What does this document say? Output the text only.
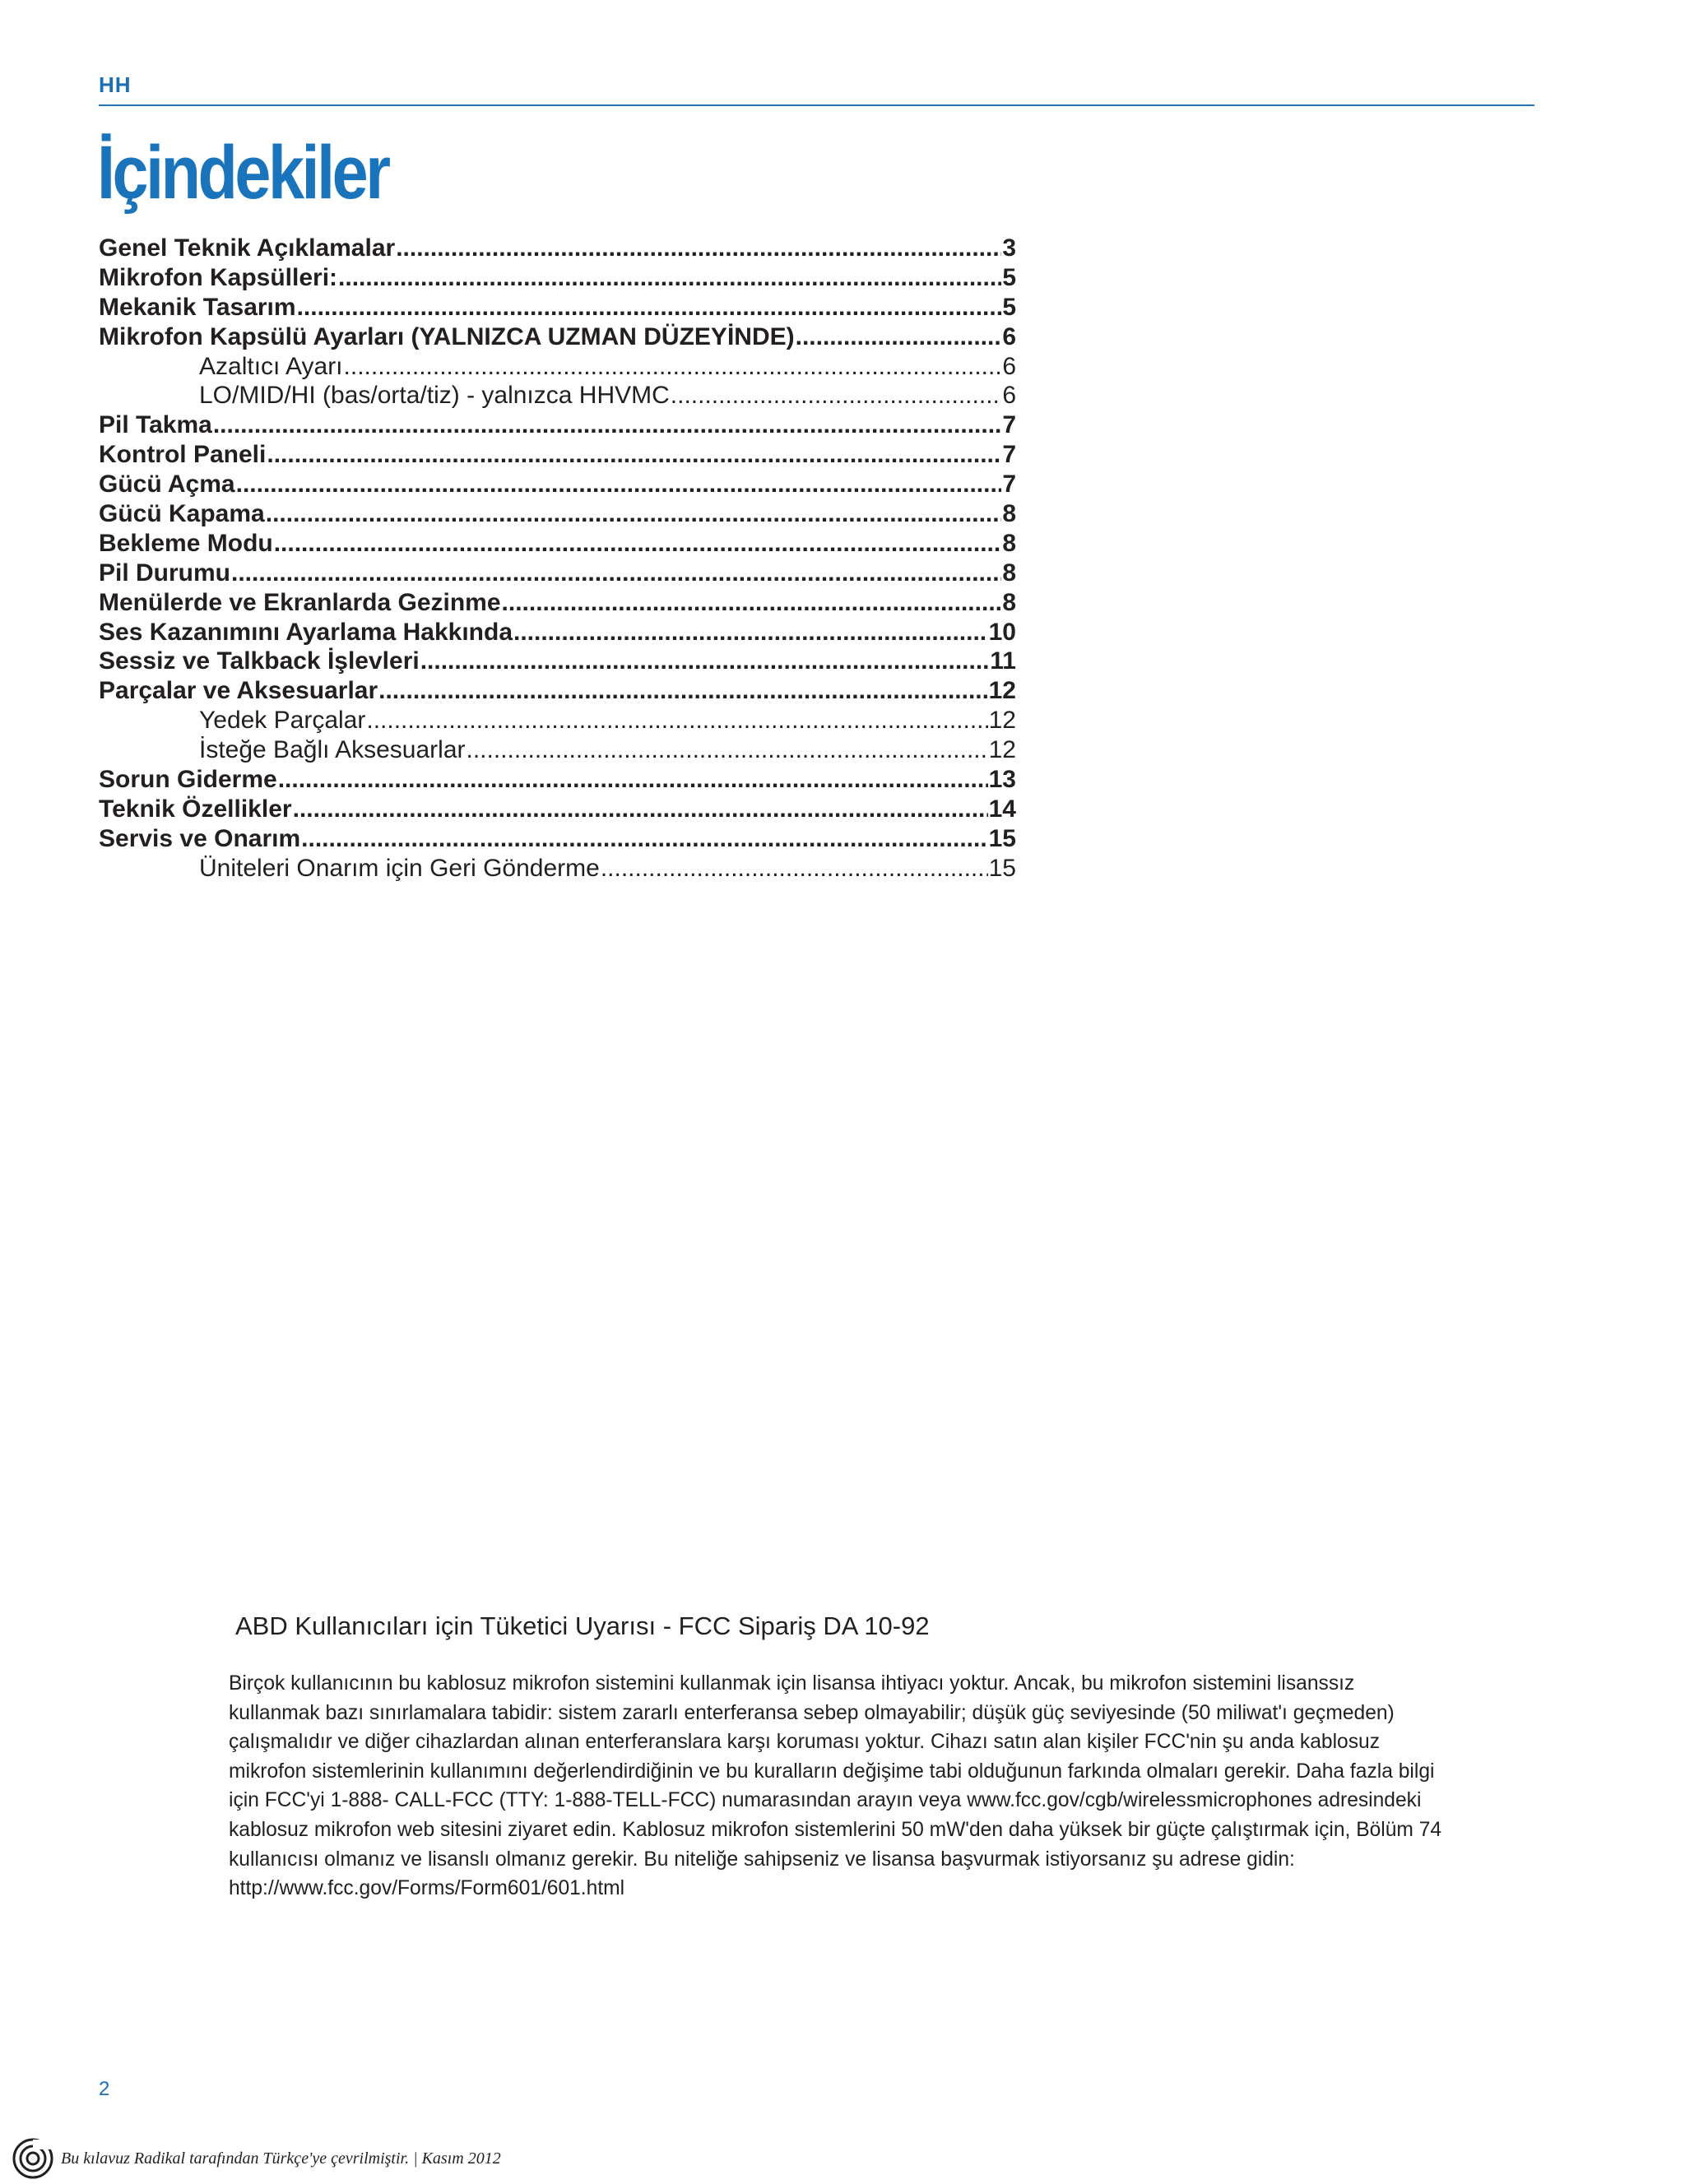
HH
İçindekiler
Genel Teknik Açıklamalar .....	3
Mikrofon Kapsülleri: .....	5
Mekanik Tasarım .....	5
Mikrofon Kapsülü Ayarları (YALNIZCA UZMAN DÜZEYİNDE) .....	6
Azaltıcı Ayarı .....	6
LO/MID/HI (bas/orta/tiz) - yalnızca HHVMC .....	6
Pil Takma .....	7
Kontrol Paneli .....	7
Gücü Açma .....	7
Gücü Kapama .....	8
Bekleme Modu .....	8
Pil Durumu .....	8
Menülerde ve Ekranlarda Gezinme .....	8
Ses Kazanımını Ayarlama Hakkında .....	10
Sessiz ve Talkback İşlevleri .....	11
Parçalar ve Aksesuarlar .....	12
Yedek Parçalar .....	12
İsteğe Bağlı Aksesuarlar .....	12
Sorun Giderme .....	13
Teknik Özellikler .....	14
Servis ve Onarım .....	15
Üniteleri Onarım için Geri Gönderme .....	15
ABD Kullanıcıları için Tüketici Uyarısı - FCC Sipariş DA 10-92

Birçok kullanıcının bu kablosuz mikrofon sistemini kullanmak için lisansa ihtiyacı yoktur. Ancak, bu mikrofon sistemini lisanssız kullanmak bazı sınırlamalara tabidir: sistem zararlı enterferansa sebep olmayabilir; düşük güç seviyesinde (50 miliwat'ı geçmeden) çalışmalıdır ve diğer cihazlardan alınan enterferanslara karşı koruması yoktur. Cihazı satın alan kişiler FCC'nin şu anda kablosuz mikrofon sistemlerinin kullanımını değerlendirdiğinin ve bu kuralların değişime tabi olduğunun farkında olmaları gerekir. Daha fazla bilgi için FCC'yi 1-888- CALL-FCC (TTY: 1-888-TELL-FCC) numarasından arayın veya www.fcc.gov/cgb/wirelessmicrophones adresindeki kablosuz mikrofon web sitesini ziyaret edin. Kablosuz mikrofon sistemlerini 50 mW'den daha yüksek bir güçte çalıştırmak için, Bölüm 74 kullanıcısı olmanız ve lisanslı olmanız gerekir. Bu niteliğe sahipseniz ve lisansa başvurmak istiyorsanız şu adrese gidin: http://www.fcc.gov/Forms/Form601/601.html

2
Bu kılavuz Radikal tarafından Türkçe'ye çevrilmiştir. | Kasım 2012
